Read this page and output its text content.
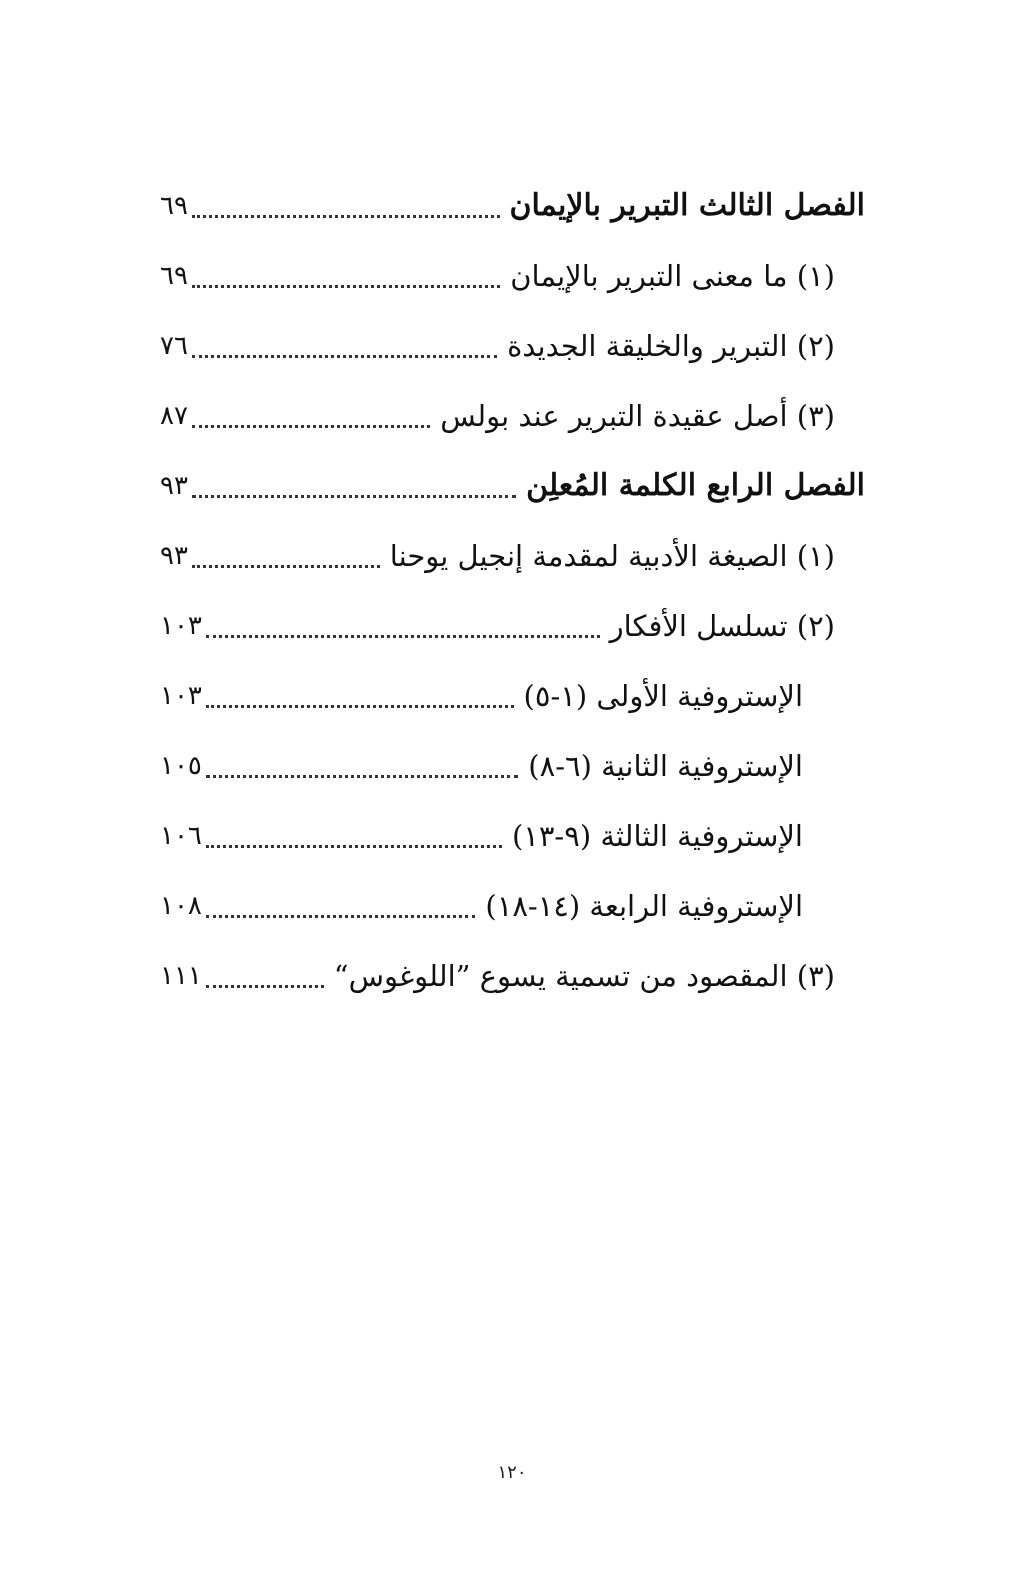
الفصل الثالث التبرير بالإيمان
٦٩
(١) ما معنى التبرير بالإيمان
٦٩
(٢) التبرير والخليقة الجديدة
٧٦
(٣) أصل عقيدة التبرير عند بولس
٨٧
الفصل الرابع الكلمة المُعلِن
٩٣
(١) الصيغة الأدبية لمقدمة إنجيل يوحنا
٩٣
(٢) تسلسل الأفكار
١٠٣
الإستروفية الأولى (١-٥)
١٠٣
الإستروفية الثانية (٦-٨)
١٠٥
الإستروفية الثالثة (٩-١٣)
١٠٦
الإستروفية الرابعة (١٤-١٨)
١٠٨
(٣) المقصود من تسمية يسوع ”اللوغوس“
١١١
١٢٠
